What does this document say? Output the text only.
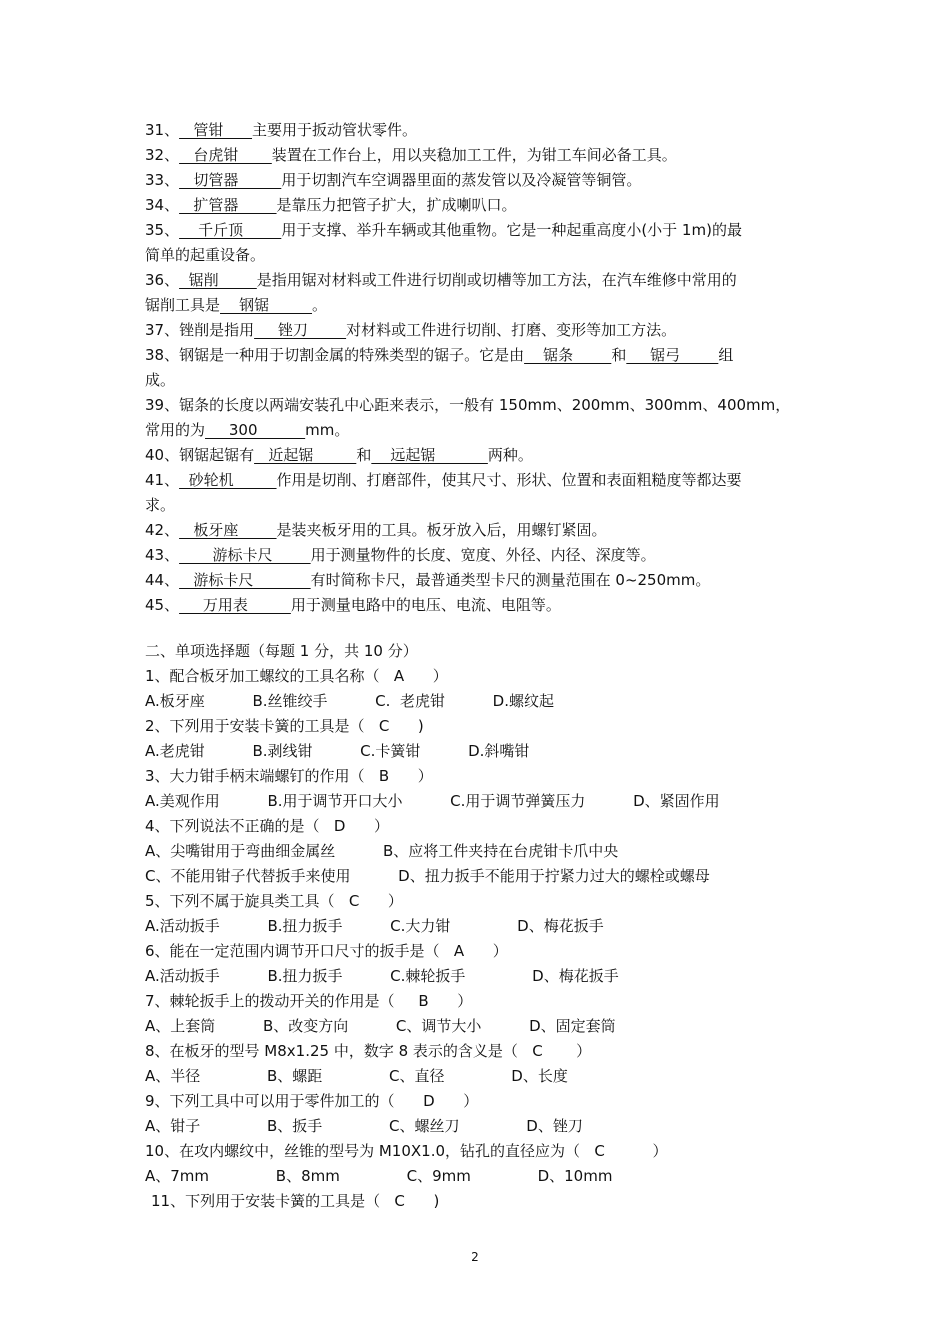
31、   管钳      主要用于扳动管状零件。
32、   台虎钳       装置在工作台上，用以夹稳加工工件，为钳工车间必备工具。
33、   切管器         用于切割汽车空调器里面的蒸发管以及冷凝管等铜管。
34、   扩管器        是靠压力把管子扩大，扩成喇叭口。
35、    千斤顶        用于支撑、举升车辆或其他重物。它是一种起重高度小(小于 1m)的最
简单的起重设备。
36、  锯削        是指用锯对材料或工件进行切削或切槽等加工方法，在汽车维修中常用的
锯削工具是    钢锯         。
37、锉削是指用     锉刀        对材料或工件进行切削、打磨、变形等加工方法。
38、钢锯是一种用于切割金属的特殊类型的锯子。它是由    锯条        和     锯弓        组
成。
39、锯条的长度以两端安装孔中心距来表示，一般有 150mm、200mm、300mm、400mm，
常用的为     300          mm。
40、钢锯起锯有   近起锯         和    远起锯           两种。
41、  砂轮机         作用是切削、打磨部件，使其尺寸、形状、位置和表面粗糙度等都达要
求。
42、   板牙座        是装夹板牙用的工具。板牙放入后，用螺钉紧固。
43、       游标卡尺        用于测量物件的长度、宽度、外径、内径、深度等。
44、   游标卡尺            有时简称卡尺，最普通类型卡尺的测量范围在 0~250mm。
45、     万用表         用于测量电路中的电压、电流、电阻等。
二、单项选择题（每题 1 分，共 10 分）
1、配合板牙加工螺纹的工具名称（   A      ）
A.板牙座          B.丝锥绞手          C.  老虎钳          D.螺纹起
2、下列用于安装卡簧的工具是（   C      )
A.老虎钳          B.剥线钳          C.卡簧钳          D.斜嘴钳
3、大力钳手柄末端螺钉的作用（   B      ）
A.美观作用          B.用于调节开口大小          C.用于调节弹簧压力          D、紧固作用
4、下列说法不正确的是（   D      ）
A、尖嘴钳用于弯曲细金属丝          B、应将工件夹持在台虎钳卡爪中央
C、不能用钳子代替扳手来使用          D、扭力扳手不能用于拧紧力过大的螺栓或螺母
5、下列不属于旋具类工具（   C      ）
A.活动扳手          B.扭力扳手          C.大力钳              D、梅花扳手
6、能在一定范围内调节开口尺寸的扳手是（   A      ）
A.活动扳手          B.扭力扳手          C.棘轮扳手              D、梅花扳手
7、棘轮扳手上的拨动开关的作用是（     B      ）
A、上套筒          B、改变方向          C、调节大小          D、固定套筒
8、在板牙的型号 M8x1.25 中，数字 8 表示的含义是（   C       ）
A、半径              B、螺距              C、直径              D、长度
9、下列工具中可以用于零件加工的（      D      ）
A、钳子              B、扳手              C、螺丝刀              D、锉刀
10、在攻内螺纹中，丝锥的型号为 M10X1.0，钻孔的直径应为（   C          ）
A、7mm              B、8mm              C、9mm              D、10mm
11、下列用于安装卡簧的工具是（   C      )
2
